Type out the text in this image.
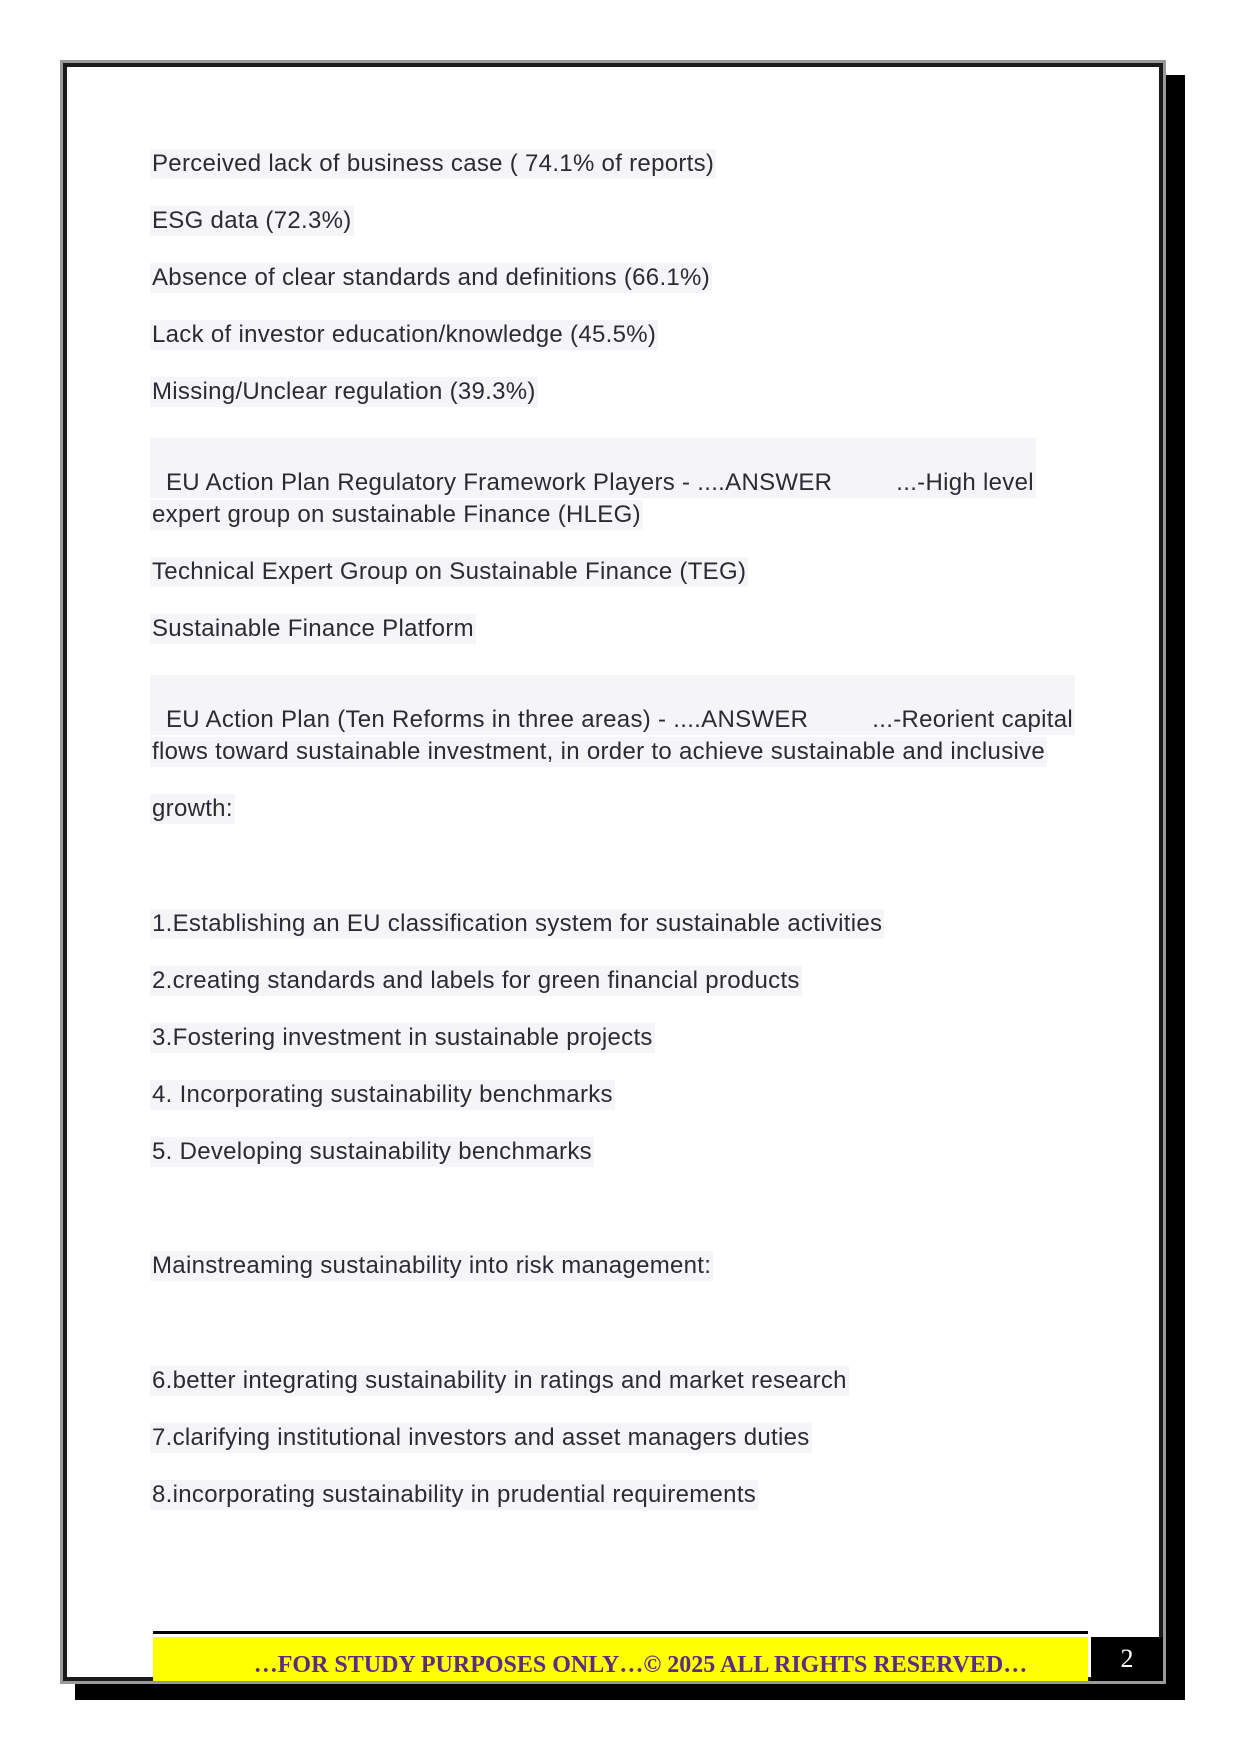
Perceived lack of business case ( 74.1% of reports)
ESG data (72.3%)
Absence of clear standards and definitions (66.1%)
Lack of investor education/knowledge (45.5%)
Missing/Unclear regulation (39.3%)

EU Action Plan Regulatory Framework Players - ....ANSWER	...-High level

expert group on sustainable Finance (HLEG)
Technical Expert Group on Sustainable Finance (TEG)
Sustainable Finance Platform

EU Action Plan (Ten Reforms in three areas) - ....ANSWER	...-Reorient capital

flows toward sustainable investment, in order to achieve sustainable and inclusive
growth:
1.Establishing an EU classification system for sustainable activities
2.creating standards and labels for green financial products
3.Fostering investment in sustainable projects
4. Incorporating sustainability benchmarks
5. Developing sustainability benchmarks
Mainstreaming sustainability into risk management:
6.better integrating sustainability in ratings and market research
7.clarifying institutional investors and asset managers duties
8.incorporating sustainability in prudential requirements
…FOR STUDY PURPOSES ONLY…© 2025 ALL RIGHTS RESERVED…	2
